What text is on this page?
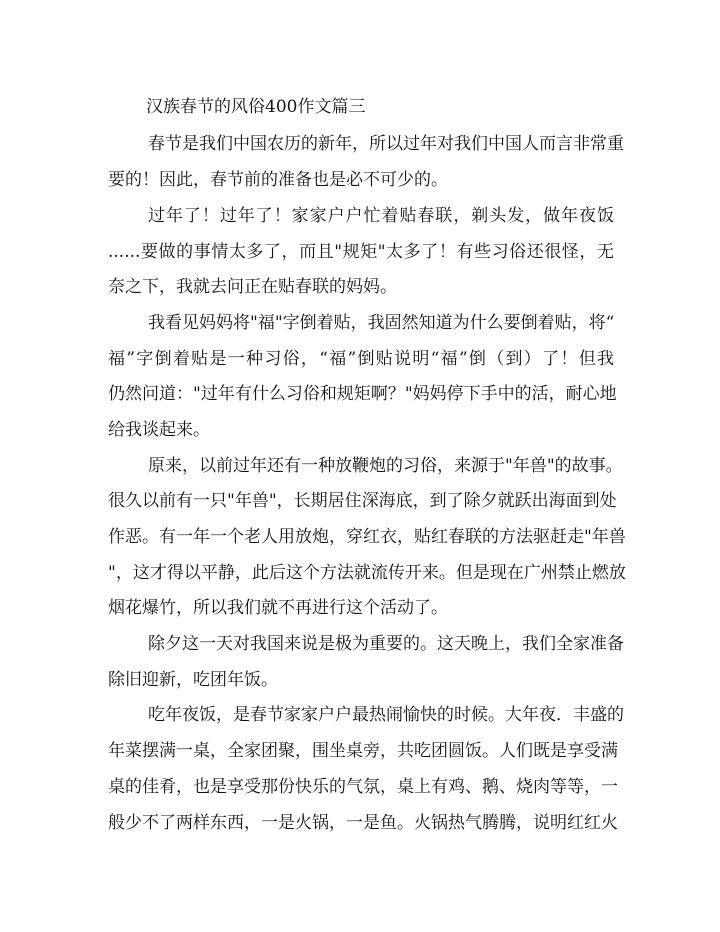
汉族春节的风俗400作文篇三
春节是我们中国农历的新年，所以过年对我们中国人而言非常重
要的！因此，春节前的准备也是必不可少的。
过年了！过年了！家家户户忙着贴春联，剃头发，做年夜饭
......要做的事情太多了，而且"规矩"太多了！有些习俗还很怪，无
奈之下，我就去问正在贴春联的妈妈。
我看见妈妈将"福"字倒着贴，我固然知道为什么要倒着贴，将“
福”字倒着贴是一种习俗，“福”倒贴说明“福”倒（到）了！但我
仍然问道："过年有什么习俗和规矩啊？"妈妈停下手中的活，耐心地
给我谈起来。
原来，以前过年还有一种放鞭炮的习俗，来源于"年兽"的故事。
很久以前有一只"年兽"，长期居住深海底，到了除夕就跃出海面到处
作恶。有一年一个老人用放炮，穿红衣，贴红春联的方法驱赶走"年兽
"，这才得以平静，此后这个方法就流传开来。但是现在广州禁止燃放
烟花爆竹，所以我们就不再进行这个活动了。
除夕这一天对我国来说是极为重要的。这天晚上，我们全家准备
除旧迎新，吃团年饭。
吃年夜饭，是春节家家户户最热闹愉快的时候。大年夜．丰盛的
年菜摆满一桌，全家团聚，围坐桌旁，共吃团圆饭。人们既是享受满
桌的佳肴，也是享受那份快乐的气氛，桌上有鸡、鹅、烧肉等等，一
般少不了两样东西，一是火锅，一是鱼。火锅热气腾腾，说明红红火
